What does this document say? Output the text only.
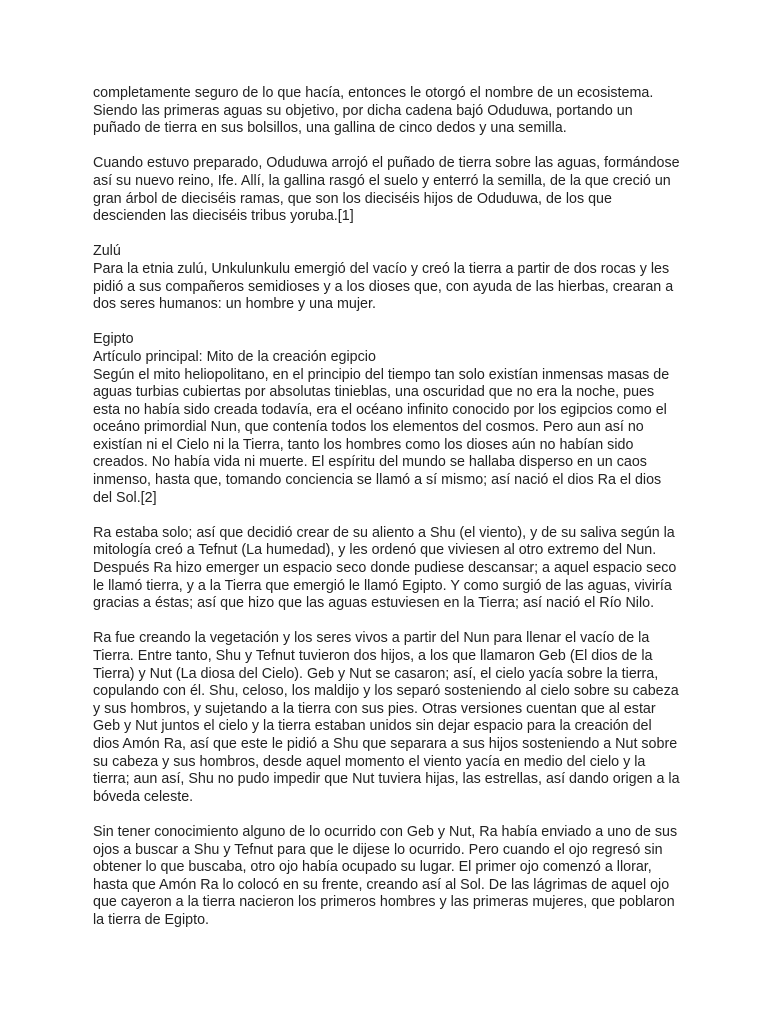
completamente seguro de lo que hacía, entonces le otorgó el nombre de un ecosistema.
Siendo las primeras aguas su objetivo, por dicha cadena bajó Oduduwa, portando un
puñado de tierra en sus bolsillos, una gallina de cinco dedos y una semilla.

Cuando estuvo preparado, Oduduwa arrojó el puñado de tierra sobre las aguas, formándose
así su nuevo reino, Ife. Allí, la gallina rasgó el suelo y enterró la semilla, de la que creció un
gran árbol de dieciséis ramas, que son los dieciséis hijos de Oduduwa, de los que
descienden las dieciséis tribus yoruba.[1]

Zulú

Para la etnia zulú, Unkulunkulu emergió del vacío y creó la tierra a partir de dos rocas y les
pidió a sus compañeros semidioses y a los dioses que, con ayuda de las hierbas, crearan a
dos seres humanos: un hombre y una mujer.

Egipto

Artículo principal: Mito de la creación egipcio

Según el mito heliopolitano, en el principio del tiempo tan solo existían inmensas masas de
aguas turbias cubiertas por absolutas tinieblas, una oscuridad que no era la noche, pues
esta no había sido creada todavía, era el océano infinito conocido por los egipcios como el
oceáno primordial Nun, que contenía todos los elementos del cosmos. Pero aun así no
existían ni el Cielo ni la Tierra, tanto los hombres como los dioses aún no habían sido
creados. No había vida ni muerte. El espíritu del mundo se hallaba disperso en un caos
inmenso, hasta que, tomando conciencia se llamó a sí mismo; así nació el dios Ra el dios
del Sol.[2]

Ra estaba solo; así que decidió crear de su aliento a Shu (el viento), y de su saliva según la
mitología creó a Tefnut (La humedad), y les ordenó que viviesen al otro extremo del Nun.
Después Ra hizo emerger un espacio seco donde pudiese descansar; a aquel espacio seco
le llamó tierra, y a la Tierra que emergió le llamó Egipto. Y como surgió de las aguas, viviría
gracias a éstas; así que hizo que las aguas estuviesen en la Tierra; así nació el Río Nilo.

Ra fue creando la vegetación y los seres vivos a partir del Nun para llenar el vacío de la
Tierra. Entre tanto, Shu y Tefnut tuvieron dos hijos, a los que llamaron Geb (El dios de la
Tierra) y Nut (La diosa del Cielo). Geb y Nut se casaron; así, el cielo yacía sobre la tierra,
copulando con él. Shu, celoso, los maldijo y los separó sosteniendo al cielo sobre su cabeza
y sus hombros, y sujetando a la tierra con sus pies. Otras versiones cuentan que al estar
Geb y Nut juntos el cielo y la tierra estaban unidos sin dejar espacio para la creación del
dios Amón Ra, así que este le pidió a Shu que separara a sus hijos sosteniendo a Nut sobre
su cabeza y sus hombros, desde aquel momento el viento yacía en medio del cielo y la
tierra; aun así, Shu no pudo impedir que Nut tuviera hijas, las estrellas, así dando origen a la
bóveda celeste.

Sin tener conocimiento alguno de lo ocurrido con Geb y Nut, Ra había enviado a uno de sus
ojos a buscar a Shu y Tefnut para que le dijese lo ocurrido. Pero cuando el ojo regresó sin
obtener lo que buscaba, otro ojo había ocupado su lugar. El primer ojo comenzó a llorar,
hasta que Amón Ra lo colocó en su frente, creando así al Sol. De las lágrimas de aquel ojo
que cayeron a la tierra nacieron los primeros hombres y las primeras mujeres, que poblaron
la tierra de Egipto.
